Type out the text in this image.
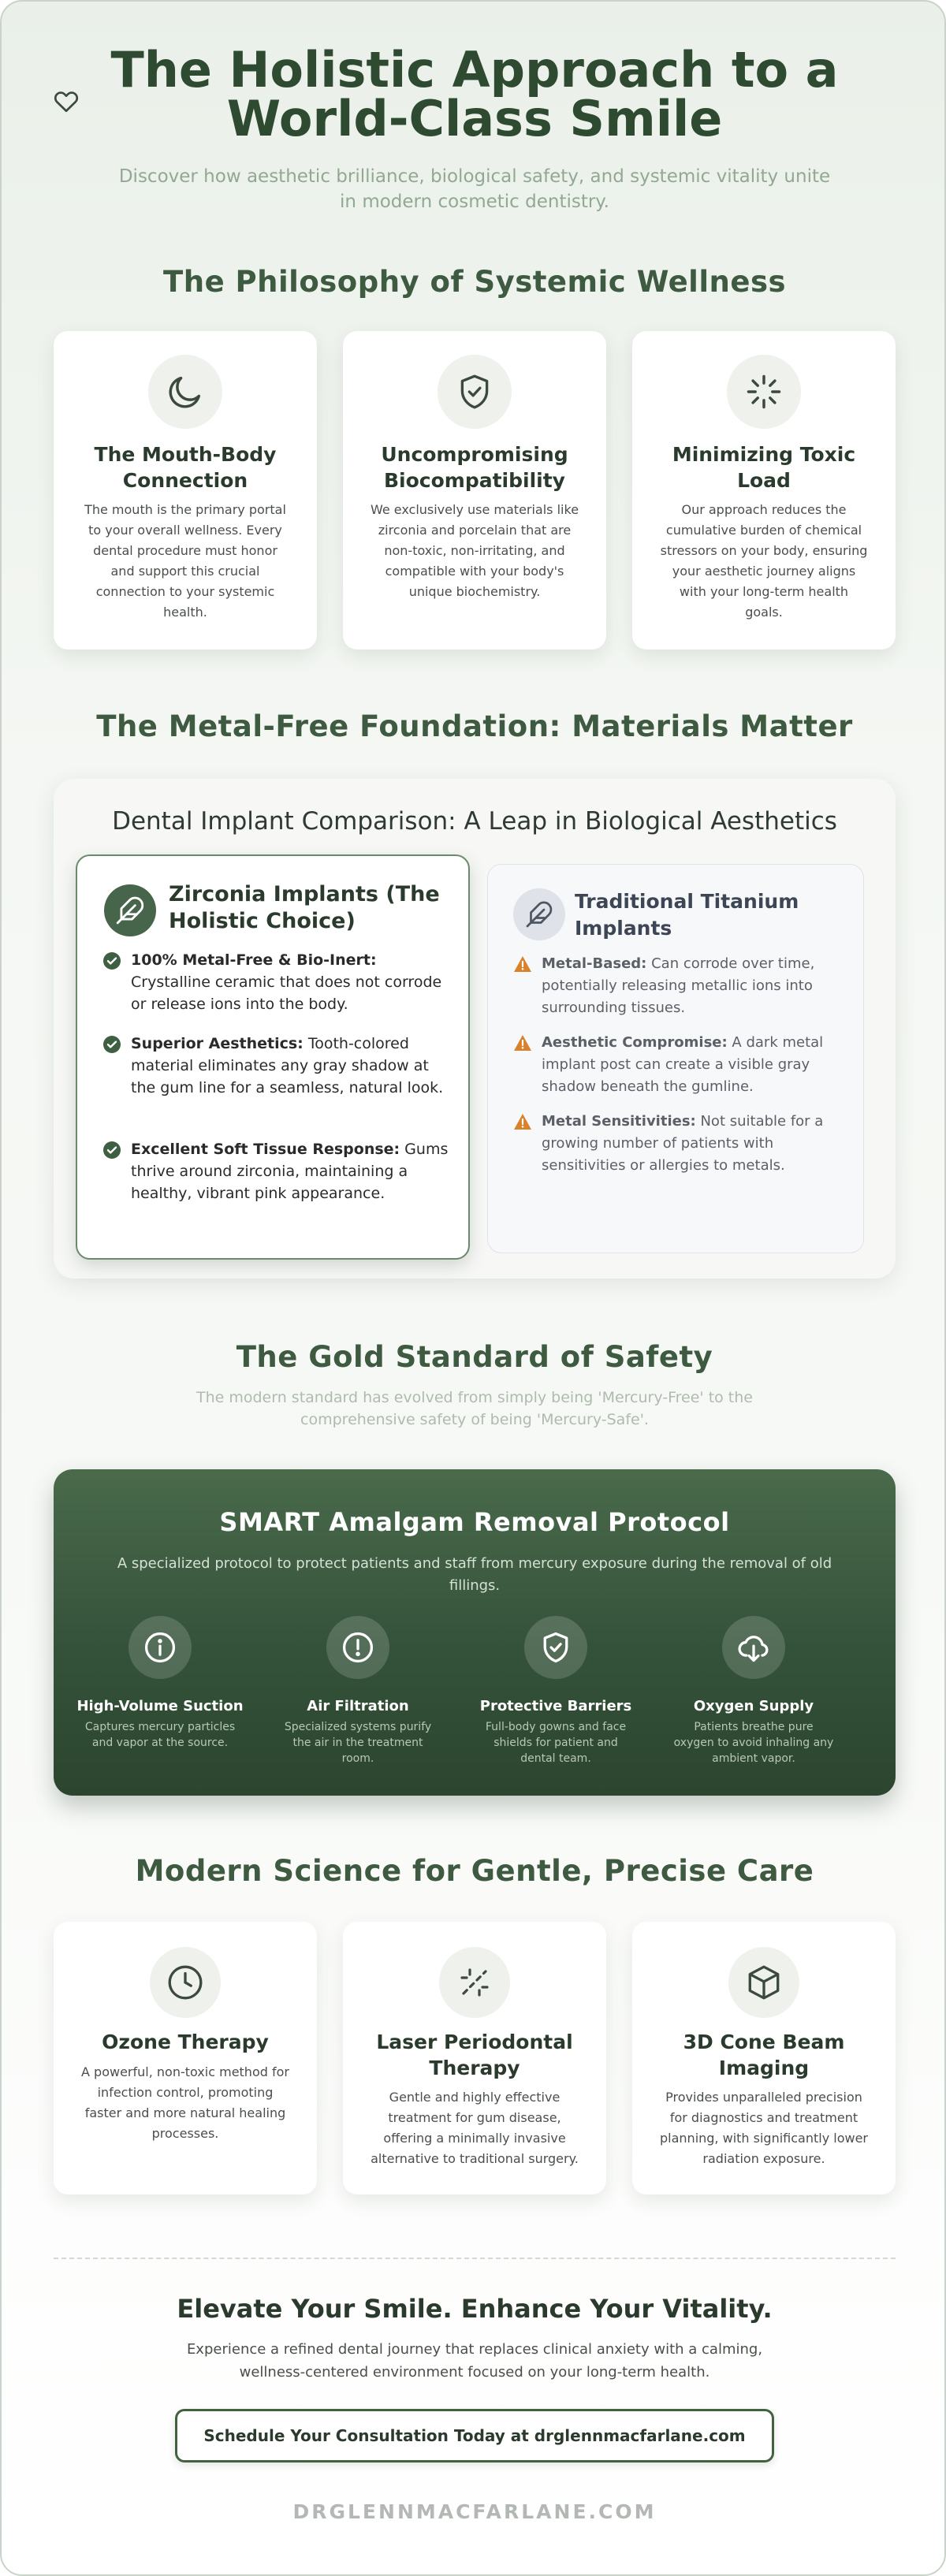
The Holistic Approach to a World-Class Smile

Discover how aesthetic brilliance, biological safety, and systemic vitality unite in modern cosmetic dentistry.

The Philosophy of Systemic Wellness
The Mouth-Body Connection
The mouth is the primary portal to your overall wellness. Every dental procedure must honor and support this crucial connection to your systemic health.
Uncompromising Biocompatibility
We exclusively use materials like zirconia and porcelain that are non-toxic, non-irritating, and compatible with your body's unique biochemistry.
Minimizing Toxic Load
Our approach reduces the cumulative burden of chemical stressors on your body, ensuring your aesthetic journey aligns with your long-term health goals.
The Metal-Free Foundation: Materials Matter
Dental Implant Comparison: A Leap in Biological Aesthetics
Zirconia Implants (The Holistic Choice)
100% Metal-Free & Bio-Inert: Crystalline ceramic that does not corrode or release ions into the body.
Superior Aesthetics: Tooth-colored material eliminates any gray shadow at the gum line for a seamless, natural look.
Excellent Soft Tissue Response: Gums thrive around zirconia, maintaining a healthy, vibrant pink appearance.
Traditional Titanium Implants
Metal-Based: Can corrode over time, potentially releasing metallic ions into surrounding tissues.
Aesthetic Compromise: A dark metal implant post can create a visible gray shadow beneath the gumline.
Metal Sensitivities: Not suitable for a growing number of patients with sensitivities or allergies to metals.
The Gold Standard of Safety

The modern standard has evolved from simply being 'Mercury-Free' to the comprehensive safety of being 'Mercury-Safe'.

SMART Amalgam Removal Protocol
A specialized protocol to protect patients and staff from mercury exposure during the removal of old fillings.
High-Volume Suction
Captures mercury particles and vapor at the source.
Air Filtration
Specialized systems purify the air in the treatment room.
Protective Barriers
Full-body gowns and face shields for patient and dental team.
Oxygen Supply
Patients breathe pure oxygen to avoid inhaling any ambient vapor.
Modern Science for Gentle, Precise Care
Ozone Therapy
A powerful, non-toxic method for infection control, promoting faster and more natural healing processes.
Laser Periodontal Therapy
Gentle and highly effective treatment for gum disease, offering a minimally invasive alternative to traditional surgery.
3D Cone Beam Imaging
Provides unparalleled precision for diagnostics and treatment planning, with significantly lower radiation exposure.
Elevate Your Smile. Enhance Your Vitality.

Experience a refined dental journey that replaces clinical anxiety with a calming, wellness-centered environment focused on your long-term health.

Schedule Your Consultation Today at drglennmacfarlane.com
DRGLENNMACFARLANE.COM
